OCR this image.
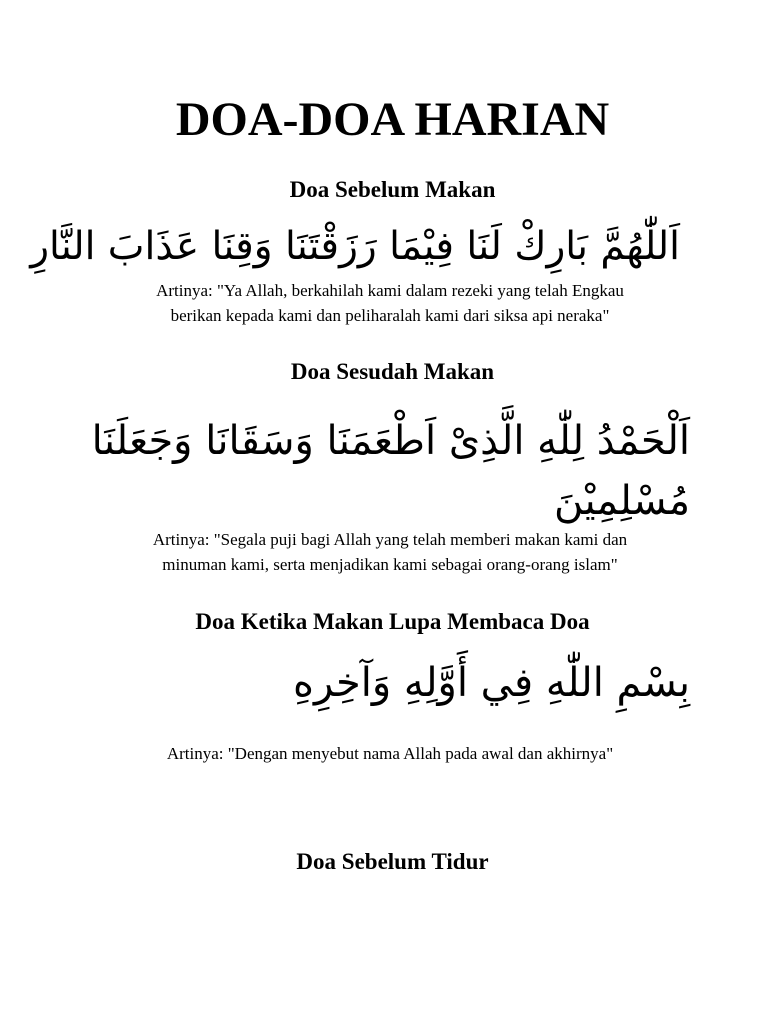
DOA-DOA HARIAN
Doa Sebelum Makan
اَللّٰهُمَّ بَارِكْ لَنَا فِيْمَا رَزَقْتَنَا وَقِنَا عَذَابَ النَّارِ
Artinya: "Ya Allah, berkahilah kami dalam rezeki yang telah Engkau
berikan kepada kami dan peliharalah kami dari siksa api neraka"
Doa Sesudah Makan
اَلْحَمْدُ لِلّٰهِ الَّذِىْ اَطْعَمَنَا وَسَقَانَا وَجَعَلَنَا
مُسْلِمِيْنَ
Artinya: "Segala puji bagi Allah yang telah memberi makan kami dan
minuman kami, serta menjadikan kami sebagai orang-orang islam"
Doa Ketika Makan Lupa Membaca Doa
بِسْمِ اللّٰهِ فِي أَوَّلِهِ وَآخِرِهِ
Artinya: "Dengan menyebut nama Allah pada awal dan akhirnya"
Doa Sebelum Tidur
